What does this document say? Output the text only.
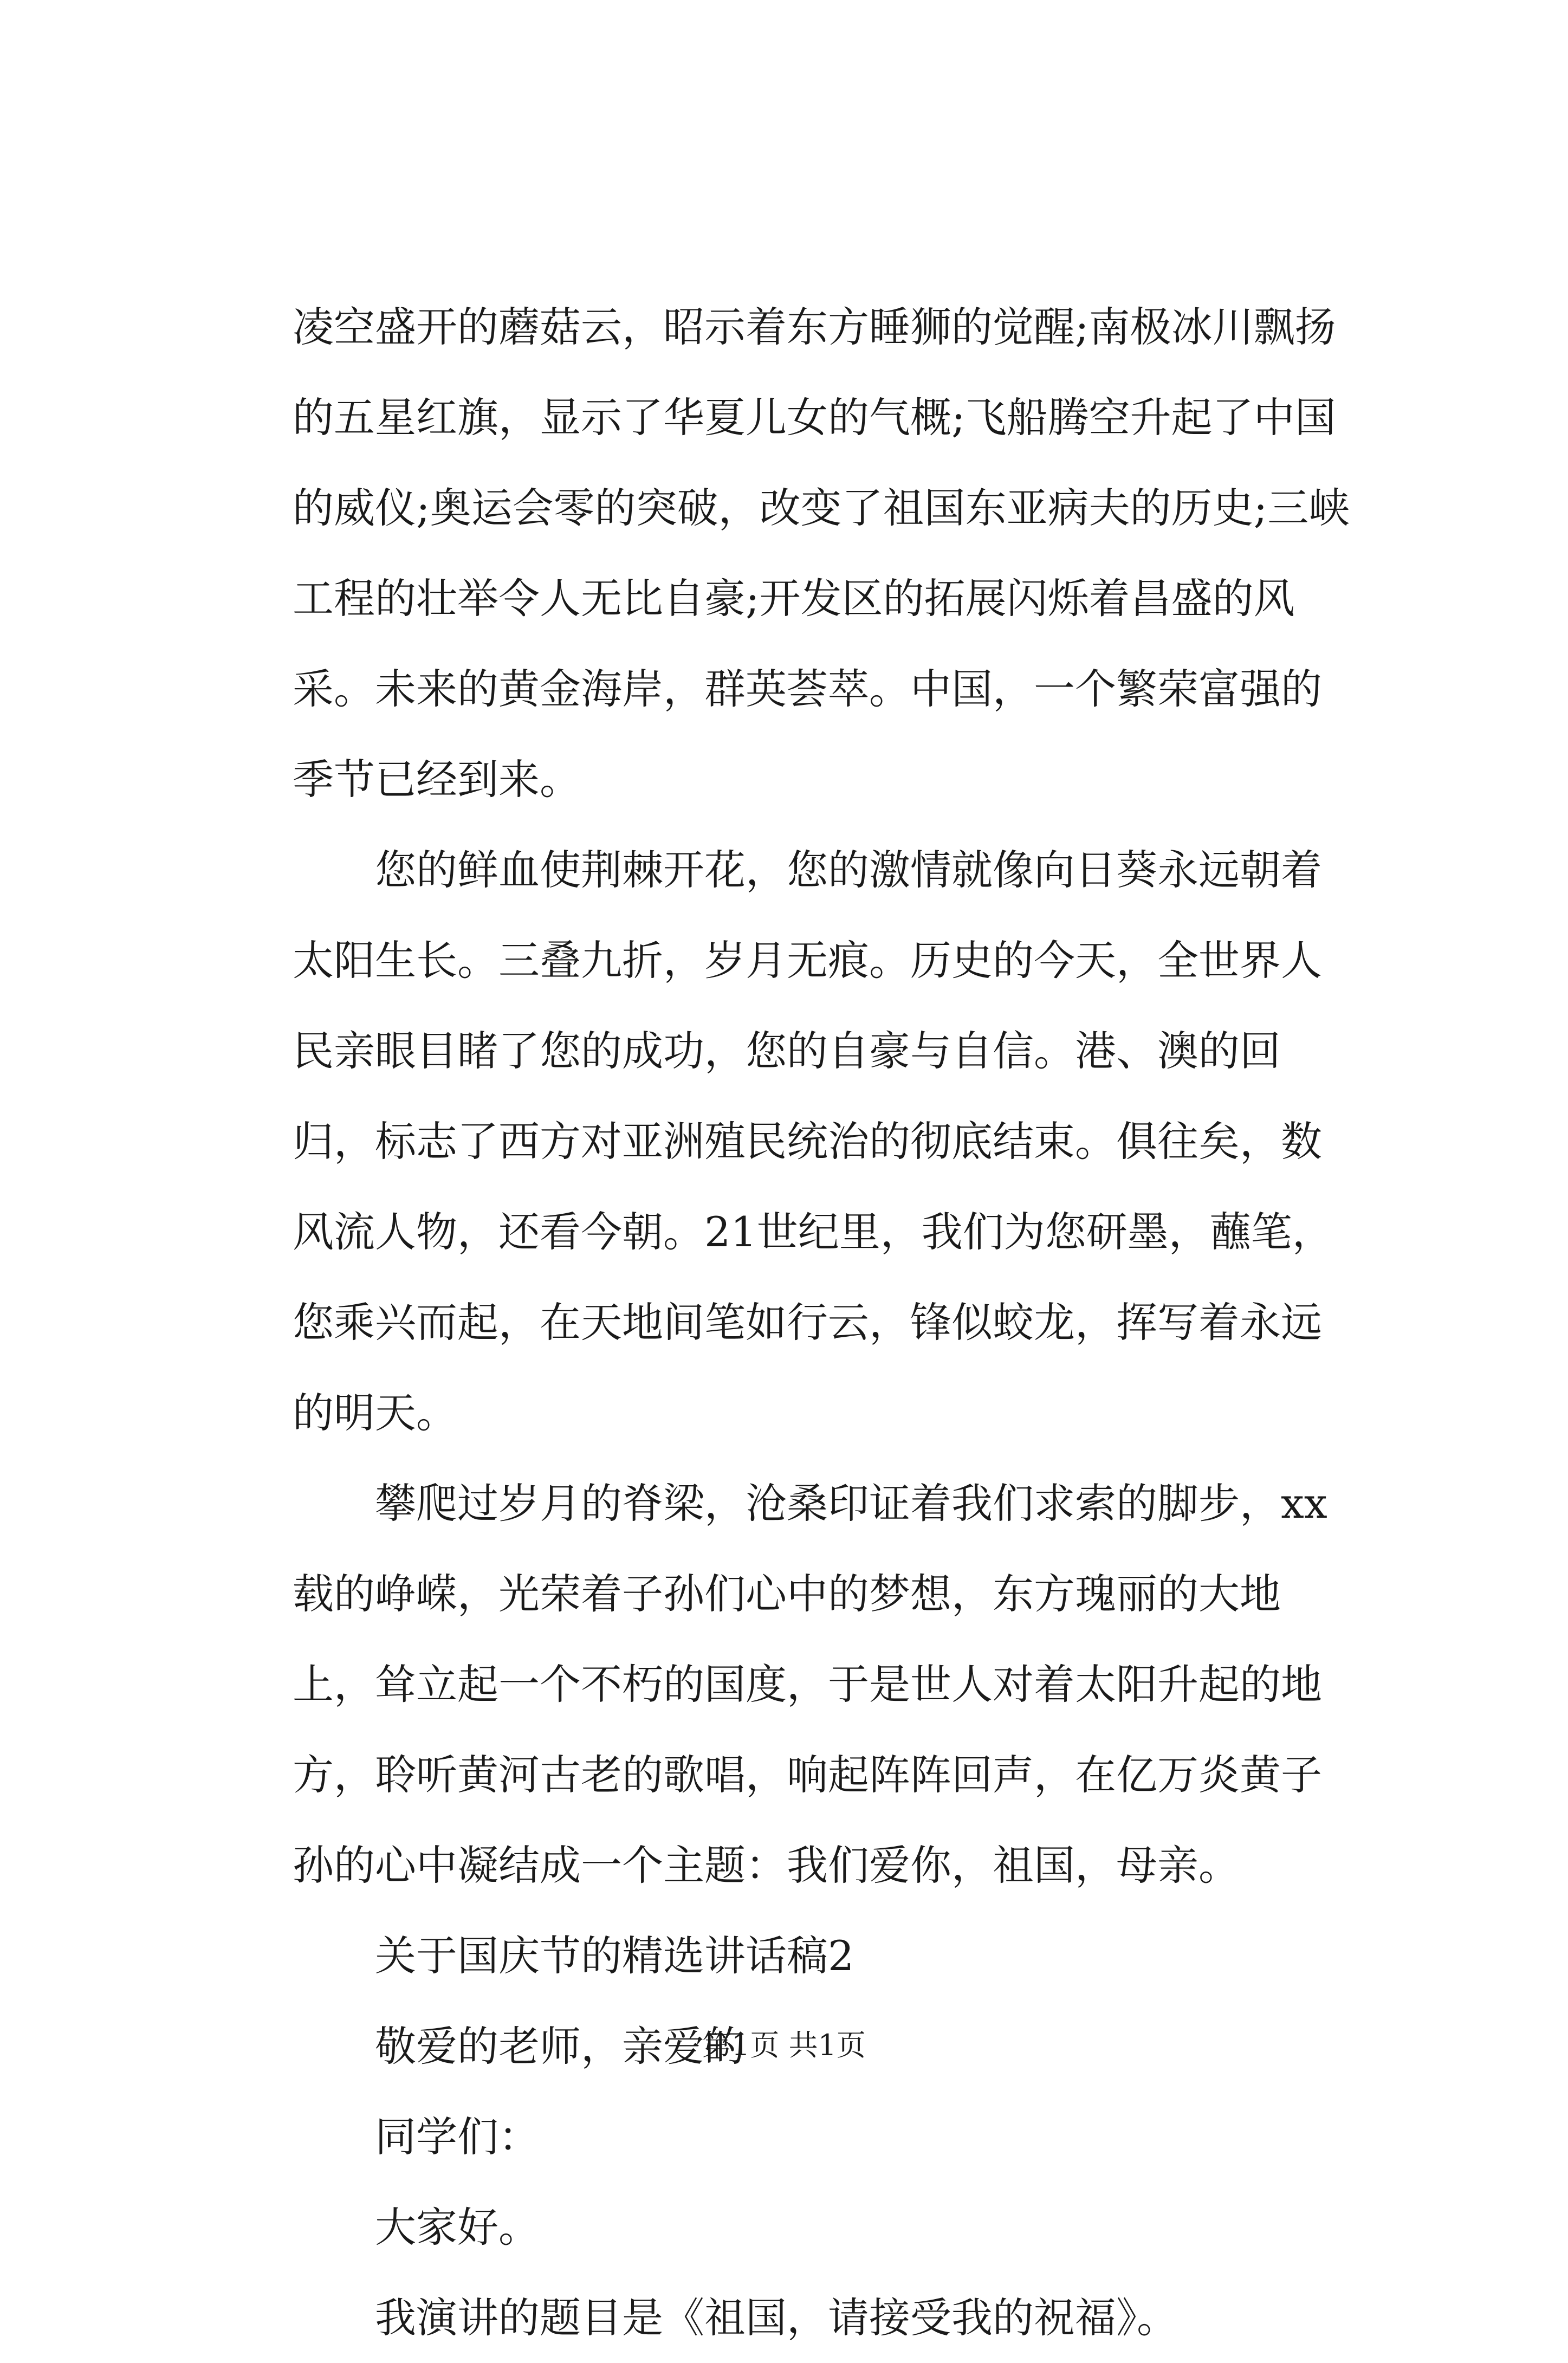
凌空盛开的蘑菇云，昭示着东方睡狮的觉醒;南极冰川飘扬的五星红旗，显示了华夏儿女的气概;飞船腾空升起了中国的威仪;奥运会零的突破，改变了祖国东亚病夫的历史;三峡工程的壮举令人无比自豪;开发区的拓展闪烁着昌盛的风采。未来的黄金海岸，群英荟萃。中国，一个繁荣富强的季节已经到来。

您的鲜血使荆棘开花，您的激情就像向日葵永远朝着太阳生长。三叠九折，岁月无痕。历史的今天，全世界人民亲眼目睹了您的成功，您的自豪与自信。港、澳的回归，标志了西方对亚洲殖民统治的彻底结束。俱往矣，数风流人物，还看今朝。21世纪里，我们为您研墨，蘸笔，您乘兴而起，在天地间笔如行云，锋似蛟龙，挥写着永远的明天。

攀爬过岁月的脊梁，沧桑印证着我们求索的脚步，xx载的峥嵘，光荣着子孙们心中的梦想，东方瑰丽的大地上，耸立起一个不朽的国度，于是世人对着太阳升起的地方，聆听黄河古老的歌唱，响起阵阵回声，在亿万炎黄子孙的心中凝结成一个主题：我们爱你，祖国，母亲。

关于国庆节的精选讲话稿2

敬爱的老师，亲爱的

同学们：

大家好。

我演讲的题目是《祖国，请接受我的祝福》。

第1页 共1页
